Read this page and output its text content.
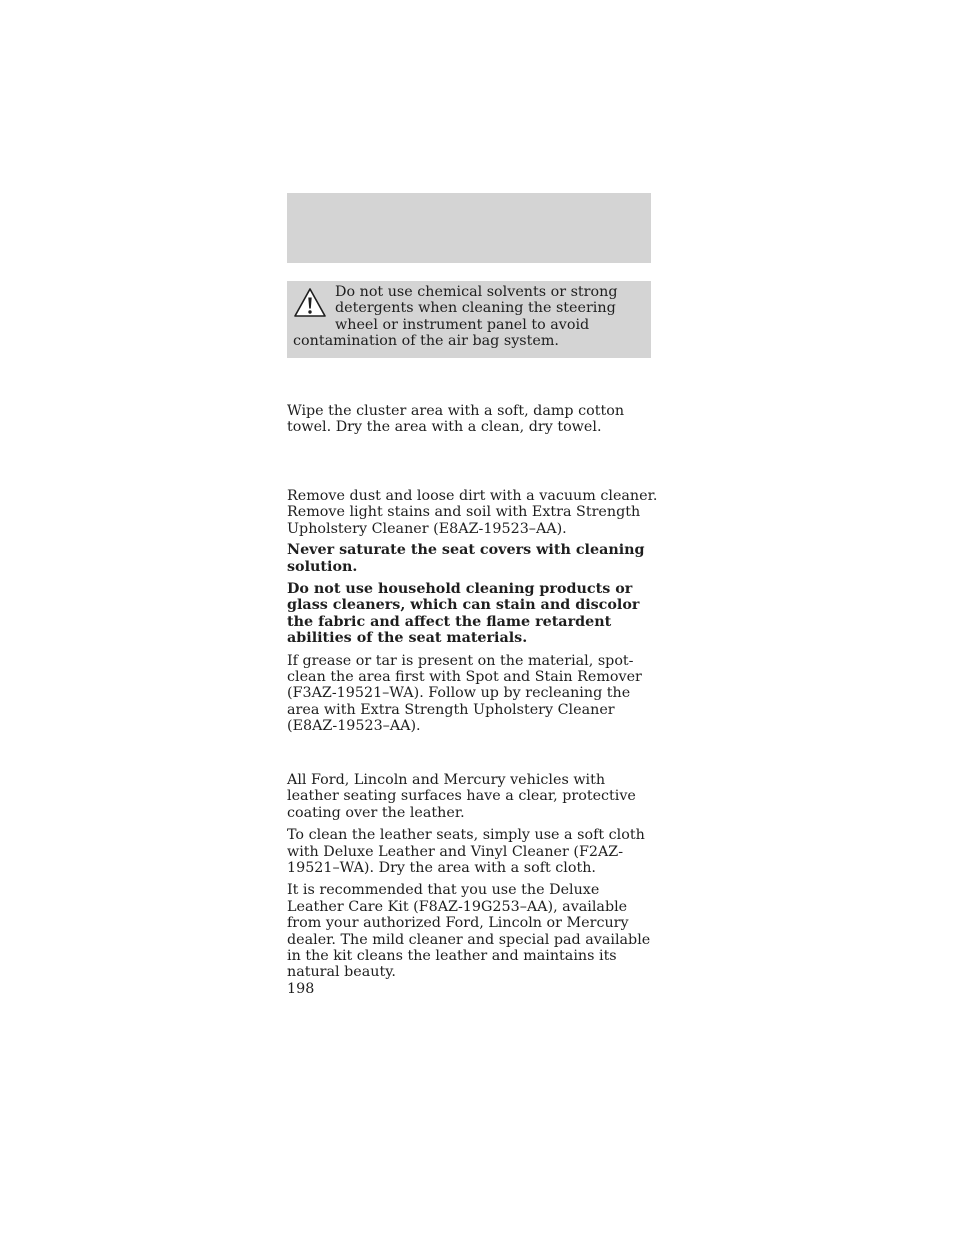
Do not use chemical solvents or strong detergents when cleaning the steering wheel or instrument panel to avoid contamination of the air bag system.

Wipe the cluster area with a soft, damp cotton towel. Dry the area with a clean, dry towel.

Remove dust and loose dirt with a vacuum cleaner. Remove light stains and soil with Extra Strength Upholstery Cleaner (E8AZ-19523–AA).

Never saturate the seat covers with cleaning solution.

Do not use household cleaning products or glass cleaners, which can stain and discolor the fabric and affect the flame retardent abilities of the seat materials.

If grease or tar is present on the material, spot-clean the area first with Spot and Stain Remover (F3AZ-19521–WA). Follow up by recleaning the area with Extra Strength Upholstery Cleaner (E8AZ-19523–AA).

All Ford, Lincoln and Mercury vehicles with leather seating surfaces have a clear, protective coating over the leather.

To clean the leather seats, simply use a soft cloth with Deluxe Leather and Vinyl Cleaner (F2AZ-19521–WA). Dry the area with a soft cloth.

It is recommended that you use the Deluxe Leather Care Kit (F8AZ-19G253–AA), available from your authorized Ford, Lincoln or Mercury dealer. The mild cleaner and special pad available in the kit cleans the leather and maintains its natural beauty.

198
